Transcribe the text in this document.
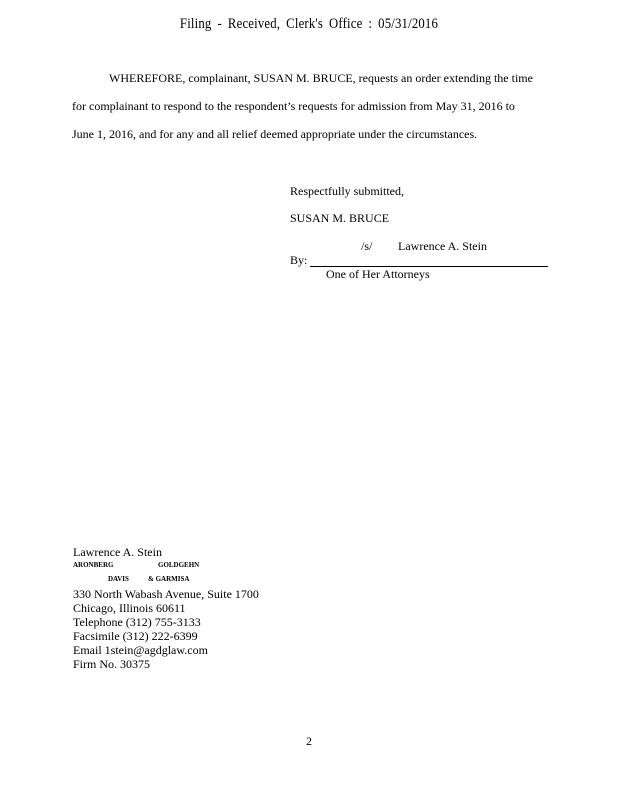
Filing - Received, Clerk's Office : 05/31/2016
WHEREFORE, complainant, SUSAN M. BRUCE, requests an order extending the time
for complainant to respond to the respondent’s requests for admission from May 31, 2016 to
June 1, 2016, and for any and all relief deemed appropriate under the circumstances.
Respectfully submitted,
SUSAN M. BRUCE
/s/ Lawrence A. Stein
By:
One of Her Attorneys
Lawrence A. Stein
ARONBERG	GOLDGEHN
DAVIS	& GARMISA
330 North Wabash Avenue, Suite 1700
Chicago, Illinois 60611
Telephone (312) 755-3133
Facsimile (312) 222-6399
Email 1stein@agdglaw.com
Firm No. 30375
2
